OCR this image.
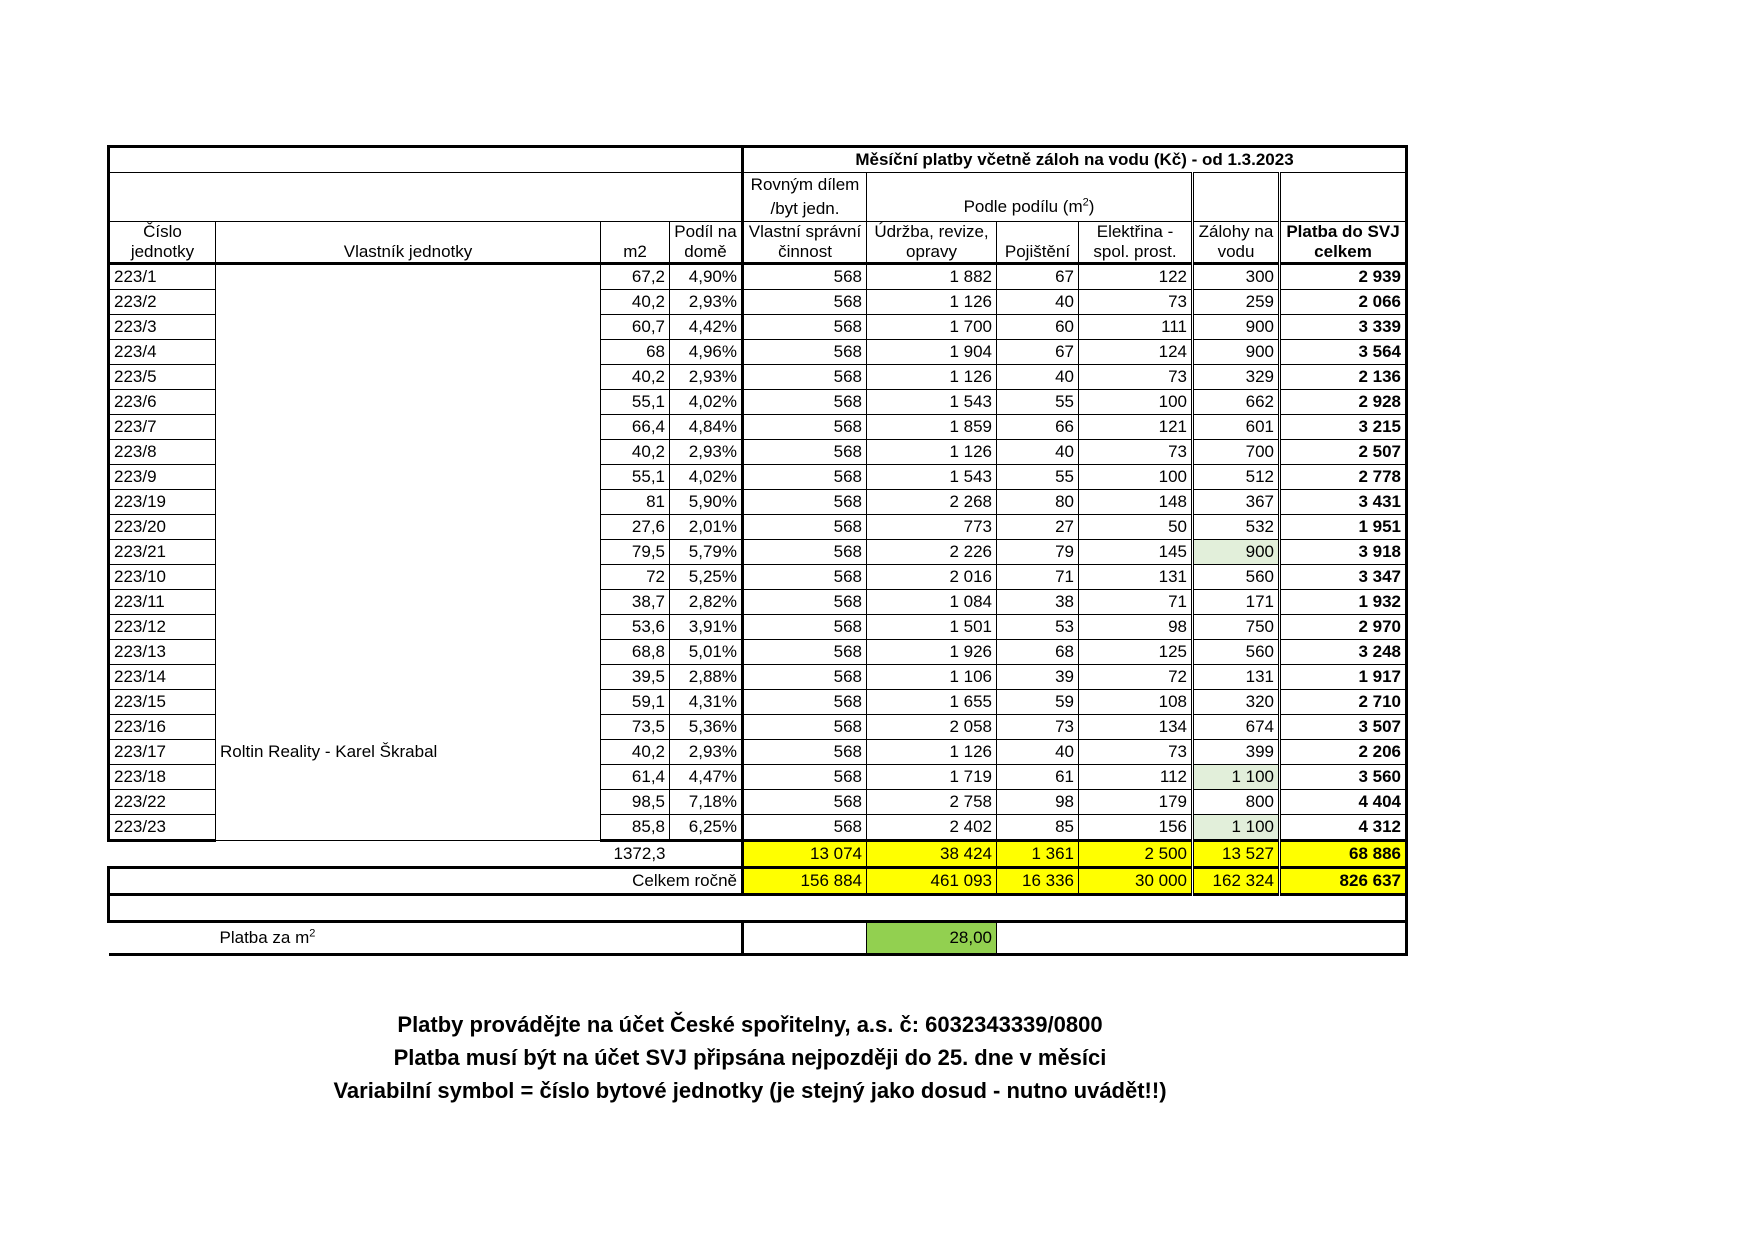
				Měsíční platby včetně záloh na vodu (Kč) - od 1.3.2023					
				Rovným dílem /byt jedn.	Podle podílu $(m^2)$				
Číslo jednotky	Vlastník jednotky	m2	Podíl na domě	Vlastní správní činnost	Údržba, revize, opravy	Pojištění	Elektřina - spol. prost.	Zálohy na vodu	Platba do SVJ celkem
223/1		67,2	4,90%	568	1 882	67	122	300	2 939
223/2		40,2	2,93%	568	1 126	40	73	259	2 066
223/3		60,7	4,42%	568	1 700	60	111	900	3 339
223/4		68	4,96%	568	1 904	67	124	900	3 564
223/5		40,2	2,93%	568	1 126	40	73	329	2 136
223/6		55,1	4,02%	568	1 543	55	100	662	2 928
223/7		66,4	4,84%	568	1 859	66	121	601	3 215
223/8		40,2	2,93%	568	1 126	40	73	700	2 507
223/9		55,1	4,02%	568	1 543	55	100	512	2 778
223/19		81	5,90%	568	2 268	80	148	367	3 431
223/20		27,6	2,01%	568	773	27	50	532	1 951
223/21		79,5	5,79%	568	2 226	79	145	900	3 918
223/10		72	5,25%	568	2 016	71	131	560	3 347
223/11		38,7	2,82%	568	1 084	38	71	171	1 932
223/12		53,6	3,91%	568	1 501	53	98	750	2 970
223/13		68,8	5,01%	568	1 926	68	125	560	3 248
223/14		39,5	2,88%	568	1 106	39	72	131	1 917
223/15		59,1	4,31%	568	1 655	59	108	320	2 710
223/16		73,5	5,36%	568	2 058	73	134	674	3 507
223/17	Roltin Reality - Karel Škrabal	40,2	2,93%	568	1 126	40	73	399	2 206
223/18		61,4	4,47%	568	1 719	61	112	1 100	3 560
223/22		98,5	7,18%	568	2 758	98	179	800	4 404
223/23		85,8	6,25%	568	2 402	85	156	1 100	4 312
		1372,3		13 074	38 424	1 361	2 500	13 527	68 886
Celkem ročně				156 884	461 093	16 336	30 000	162 324	826 637

	Platba za $m^2$				28,00				
Platby provádějte na účet České spořitelny, a.s. č: 6032343339/0800
Platba musí být na účet SVJ připsána nejpozději do 25. dne v měsíci
Variabilní symbol = číslo bytové jednotky (je stejný jako dosud - nutno uvádět!!)
